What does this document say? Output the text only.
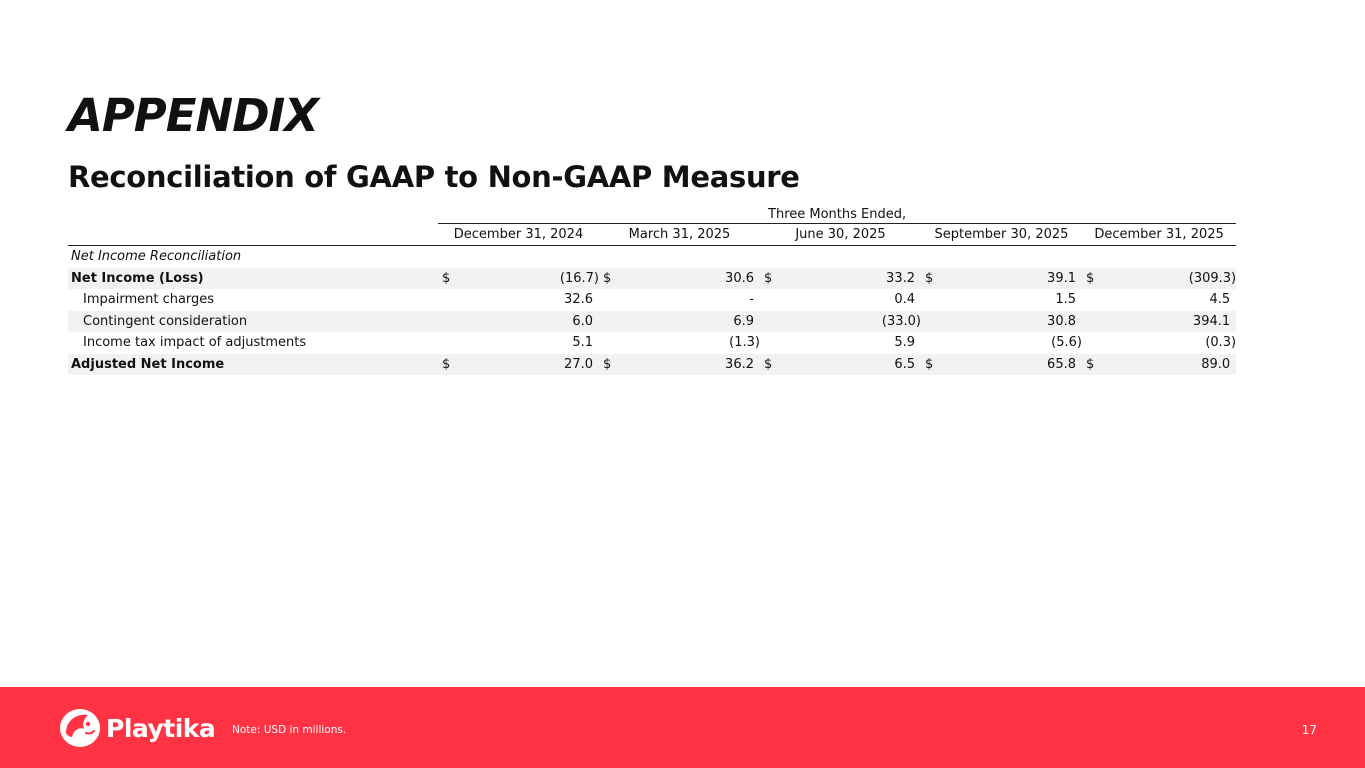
APPENDIX
Reconciliation of GAAP to Non-GAAP Measure
	Three Months Ended,									
	December 31, 2024		March 31, 2025		June 30, 2025		September 30, 2025		December 31, 2025	
Net Income Reconciliation										
Net Income (Loss)	$	(16.7)	$	30.6	$	33.2	$	39.1	$	(309.3)
Impairment charges		32.6		-		0.4		1.5		4.5
Contingent consideration		6.0		6.9		(33.0)		30.8		394.1
Income tax impact of adjustments		5.1		(1.3)		5.9		(5.6)		(0.3)
Adjusted Net Income	$	27.0	$	36.2	$	6.5	$	65.8	$	89.0
Playtika Note: USD in millions.	17
